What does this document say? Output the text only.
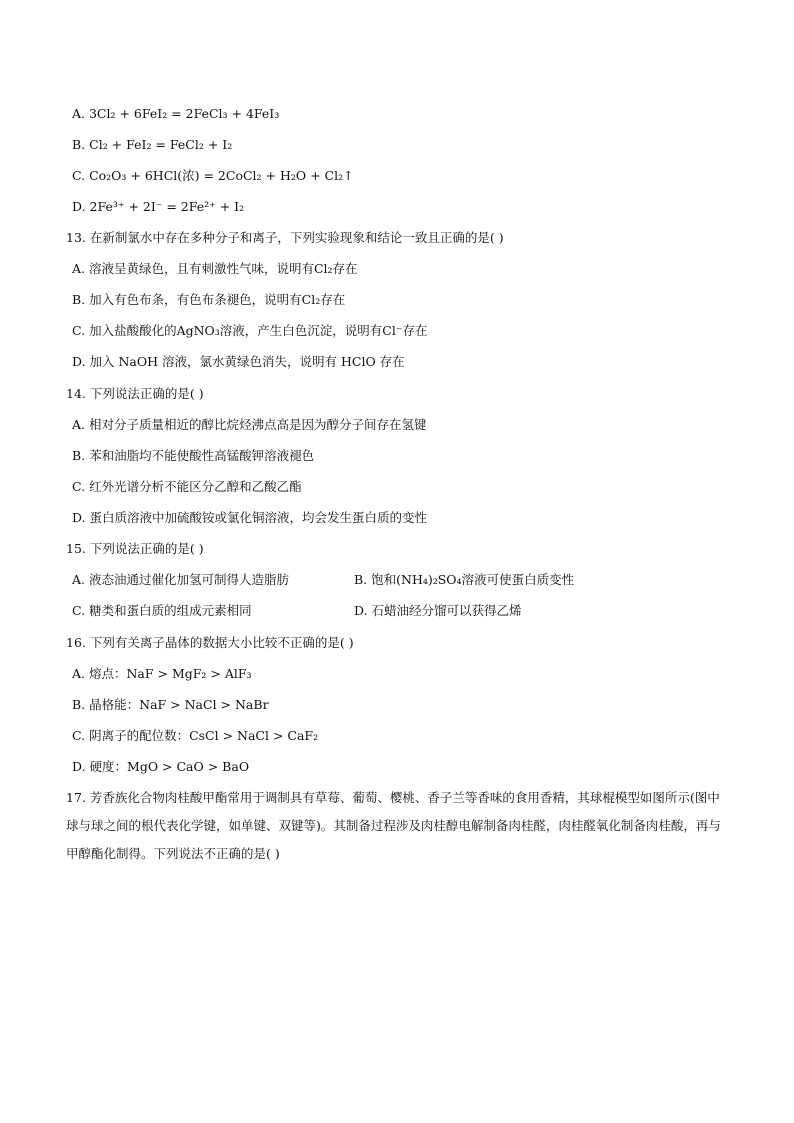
A. 3Cl₂ + 6FeI₂ = 2FeCl₃ + 4FeI₃
B. Cl₂ + FeI₂ = FeCl₂ + I₂
C. Co₂O₃ + 6HCl(浓) = 2CoCl₂ + H₂O + Cl₂↑
D. 2Fe³⁺ + 2I⁻ = 2Fe²⁺ + I₂
13. 在新制氯水中存在多种分子和离子，下列实验现象和结论一致且正确的是( )
A. 溶液呈黄绿色，且有刺激性气味，说明有Cl₂存在
B. 加入有色布条，有色布条褪色，说明有Cl₂存在
C. 加入盐酸酸化的AgNO₃溶液，产生白色沉淀，说明有Cl⁻存在
D. 加入 NaOH 溶液，氯水黄绿色消失，说明有 HClO 存在
14. 下列说法正确的是( )
A. 相对分子质量相近的醇比烷烃沸点高是因为醇分子间存在氢键
B. 苯和油脂均不能使酸性高锰酸钾溶液褪色
C. 红外光谱分析不能区分乙醇和乙酸乙酯
D. 蛋白质溶液中加硫酸铵或氯化铜溶液，均会发生蛋白质的变性
15. 下列说法正确的是( )
A. 液态油通过催化加氢可制得人造脂肪	B. 饱和(NH₄)₂SO₄溶液可使蛋白质变性
C. 糖类和蛋白质的组成元素相同	D. 石蜡油经分馏可以获得乙烯
16. 下列有关离子晶体的数据大小比较不正确的是( )
A. 熔点：NaF > MgF₂ > AlF₃
B. 晶格能：NaF > NaCl > NaBr
C. 阴离子的配位数：CsCl > NaCl > CaF₂
D. 硬度：MgO > CaO > BaO
17. 芳香族化合物肉桂酸甲酯常用于调制具有草莓、葡萄、樱桃、香子兰等香味的食用香精，其球棍模型如图所示(图中球与球之间的根代表化学键，如单键、双键等)。其制备过程涉及肉桂醇电解制备肉桂醛，肉桂醛氧化制备肉桂酸，再与甲醇酯化制得。下列说法不正确的是( )
